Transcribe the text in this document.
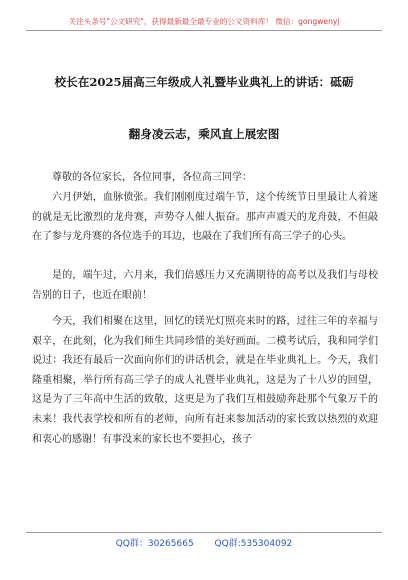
关注头条号"公文研究"，获得最新最全最专业的公文资料库！ 微信：gongwenyj
校长在2025届高三年级成人礼暨毕业典礼上的讲话：砥砺
翻身凌云志，乘风直上展宏图

尊敬的各位家长，各位同事，各位高三同学：

六月伊始，血脉偾张。我们刚刚度过端午节，这个传统节日里最让人着迷的就是无比激烈的龙舟赛，声势夺人催人振奋。那声声震天的龙舟鼓，不但敲在了参与龙舟赛的各位选手的耳边，也敲在了我们所有高三学子的心头。

是的，端午过，六月来，我们倍感压力又充满期待的高考以及我们与母校告别的日子，也近在眼前！

今天，我们相聚在这里，回忆的镁光灯照亮来时的路，过往三年的幸福与艰辛，在此刻，化为我们师生共同珍惜的美好画面。二模考试后，我和同学们说过：我还有最后一次面向你们的讲话机会，就是在毕业典礼上。今天，我们隆重相聚，举行所有高三学子的成人礼暨毕业典礼，这是为了十八岁的回望，这是为了三年高中生活的致敬，这更是为了我们互相鼓励奔赴那个气象万千的未来！我代表学校和所有的老师，向所有赶来参加活动的家长致以热烈的欢迎和衷心的感谢！有事没来的家长也不要担心，孩子

QQ群：30265665 QQ群:535304092
